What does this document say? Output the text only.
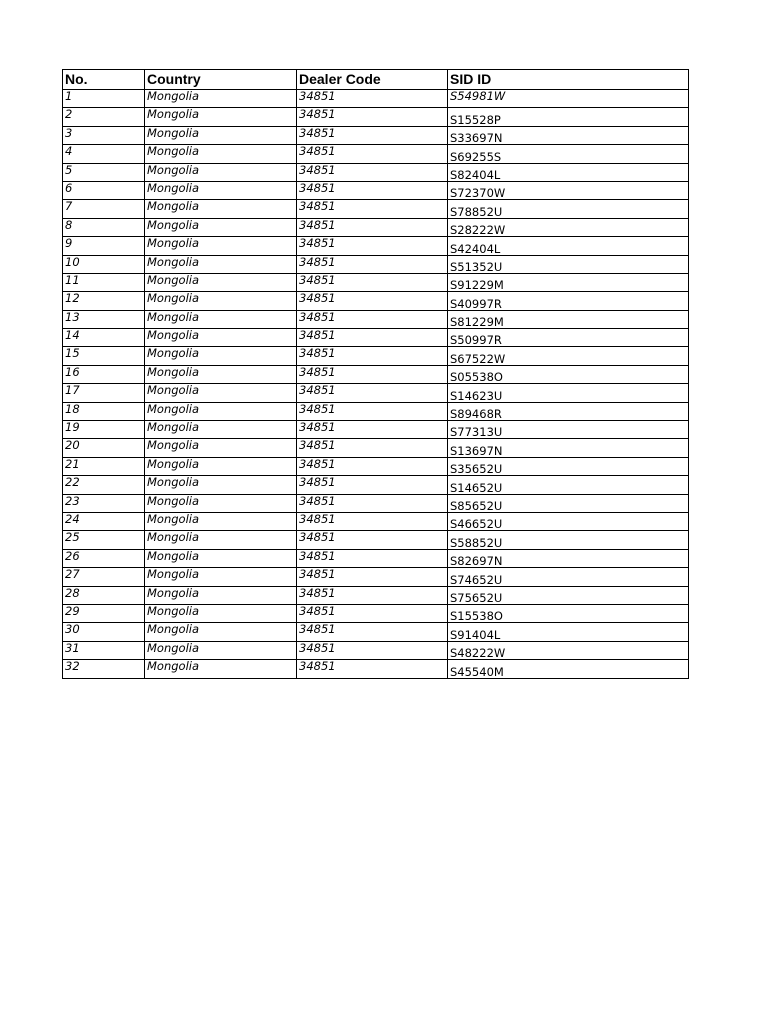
No.	Country	Dealer Code	SID ID
1	Mongolia	34851	S54981W
2	Mongolia	34851	S15528P
3	Mongolia	34851	S33697N
4	Mongolia	34851	S69255S
5	Mongolia	34851	S82404L
6	Mongolia	34851	S72370W
7	Mongolia	34851	S78852U
8	Mongolia	34851	S28222W
9	Mongolia	34851	S42404L
10	Mongolia	34851	S51352U
11	Mongolia	34851	S91229M
12	Mongolia	34851	S40997R
13	Mongolia	34851	S81229M
14	Mongolia	34851	S50997R
15	Mongolia	34851	S67522W
16	Mongolia	34851	S05538O
17	Mongolia	34851	S14623U
18	Mongolia	34851	S89468R
19	Mongolia	34851	S77313U
20	Mongolia	34851	S13697N
21	Mongolia	34851	S35652U
22	Mongolia	34851	S14652U
23	Mongolia	34851	S85652U
24	Mongolia	34851	S46652U
25	Mongolia	34851	S58852U
26	Mongolia	34851	S82697N
27	Mongolia	34851	S74652U
28	Mongolia	34851	S75652U
29	Mongolia	34851	S15538O
30	Mongolia	34851	S91404L
31	Mongolia	34851	S48222W
32	Mongolia	34851	S45540M
